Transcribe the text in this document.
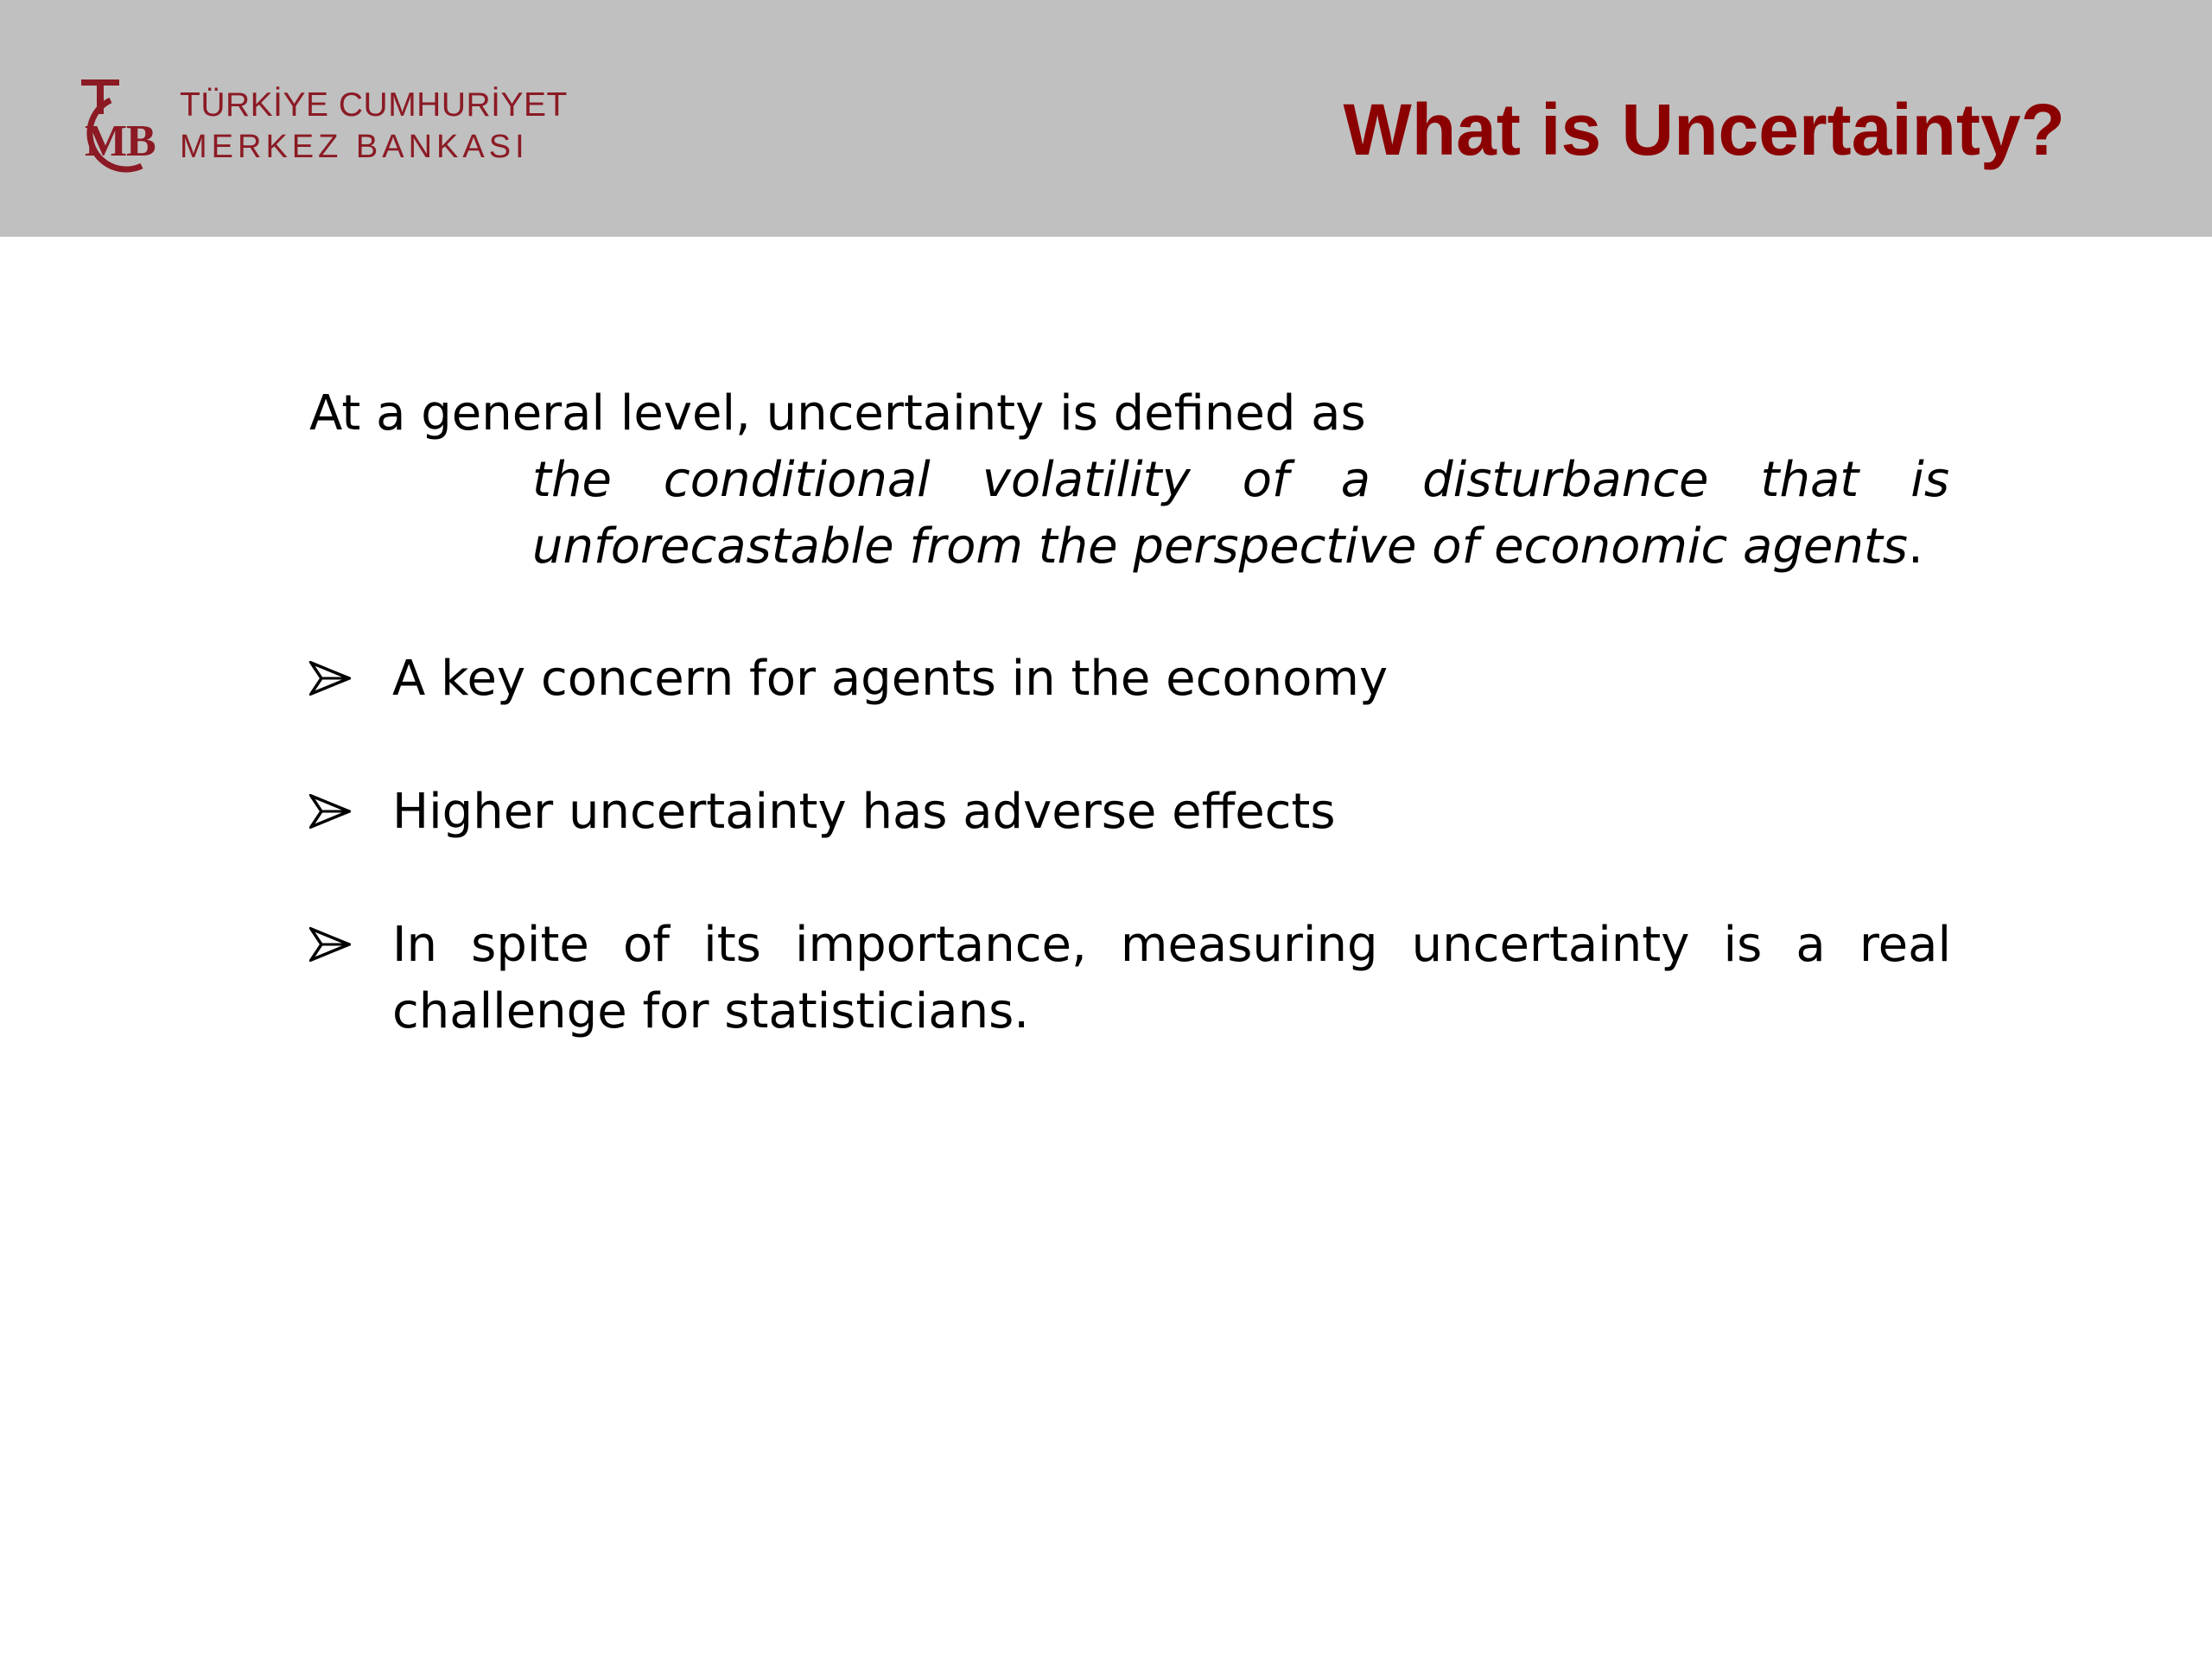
M
B
TÜRKİYE CUMHURİYET
MERKEZ BANKASI	What is Uncertainty?

At a general level, uncertainty is defined as

the conditional volatility of a disturbance that is unforecastable from the perspective of economic agents.

A key concern for agents in the economy

Higher uncertainty has adverse effects

In spite of its importance, measuring uncertainty is a real challenge for statisticians.
